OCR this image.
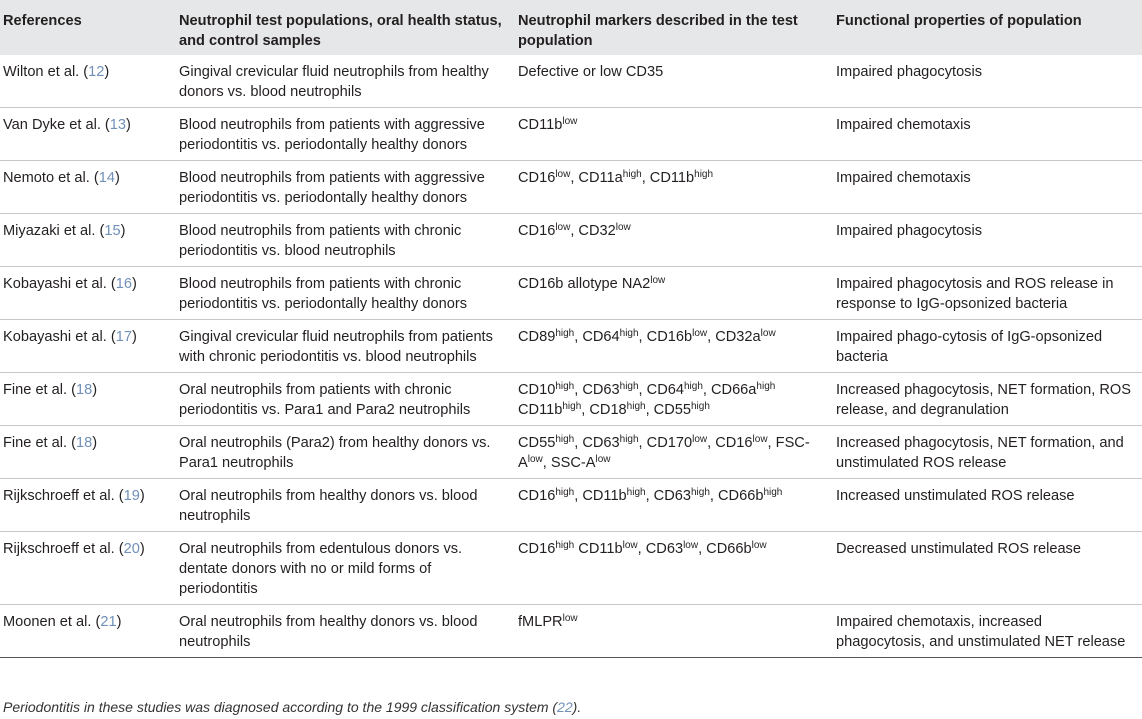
References	Neutrophil test populations, oral health status, and control samples	Neutrophil markers described in the test population	Functional properties of population
Wilton et al. (12)	Gingival crevicular fluid neutrophils from healthy donors vs. blood neutrophils	Defective or low CD35	Impaired phagocytosis
Van Dyke et al. (13)	Blood neutrophils from patients with aggressive periodontitis vs. periodontally healthy donors	$CD11b^{low}$	Impaired chemotaxis
Nemoto et al. (14)	Blood neutrophils from patients with aggressive periodontitis vs. periodontally healthy donors	$CD16^{low}$, $CD11a^{high}$, $CD11b^{high}$	Impaired chemotaxis
Miyazaki et al. (15)	Blood neutrophils from patients with chronic periodontitis vs. blood neutrophils	$CD16^{low}$, $CD32^{low}$	Impaired phagocytosis
Kobayashi et al. (16)	Blood neutrophils from patients with chronic periodontitis vs. periodontally healthy donors	CD16b allotype $NA2^{low}$	Impaired phagocytosis and ROS release in response to IgG-opsonized bacteria
Kobayashi et al. (17)	Gingival crevicular fluid neutrophils from patients with chronic periodontitis vs. blood neutrophils	$CD89^{high}$, $CD64^{high}$, $CD16b^{low}$, $CD32a^{low}$	Impaired phago-cytosis of IgG-opsonized bacteria
Fine et al. (18)	Oral neutrophils from patients with chronic periodontitis vs. Para1 and Para2 neutrophils	$CD10^{high}$, $CD63^{high}$, $CD64^{high}$, $CD66a^{high}$ $CD11b^{high}$, $CD18^{high}$, $CD55^{high}$	Increased phagocytosis, NET formation, ROS release, and degranulation
Fine et al. (18)	Oral neutrophils (Para2) from healthy donors vs. Para1 neutrophils	$CD55^{high}$, $CD63^{high}$, $CD170^{low}$, $CD16^{low}$, FSC-$A^{low}$, SSC-$A^{low}$	Increased phagocytosis, NET formation, and unstimulated ROS release
Rijkschroeff et al. (19)	Oral neutrophils from healthy donors vs. blood neutrophils	$CD16^{high}$, $CD11b^{high}$, $CD63^{high}$, $CD66b^{high}$	Increased unstimulated ROS release
Rijkschroeff et al. (20)	Oral neutrophils from edentulous donors vs. dentate donors with no or mild forms of periodontitis	$CD16^{high}$ $CD11b^{low}$, $CD63^{low}$, $CD66b^{low}$	Decreased unstimulated ROS release
Moonen et al. (21)	Oral neutrophils from healthy donors vs. blood neutrophils	fMLPR$^{low}$	Impaired chemotaxis, increased phagocytosis, and unstimulated NET release
Periodontitis in these studies was diagnosed according to the 1999 classification system (22).
